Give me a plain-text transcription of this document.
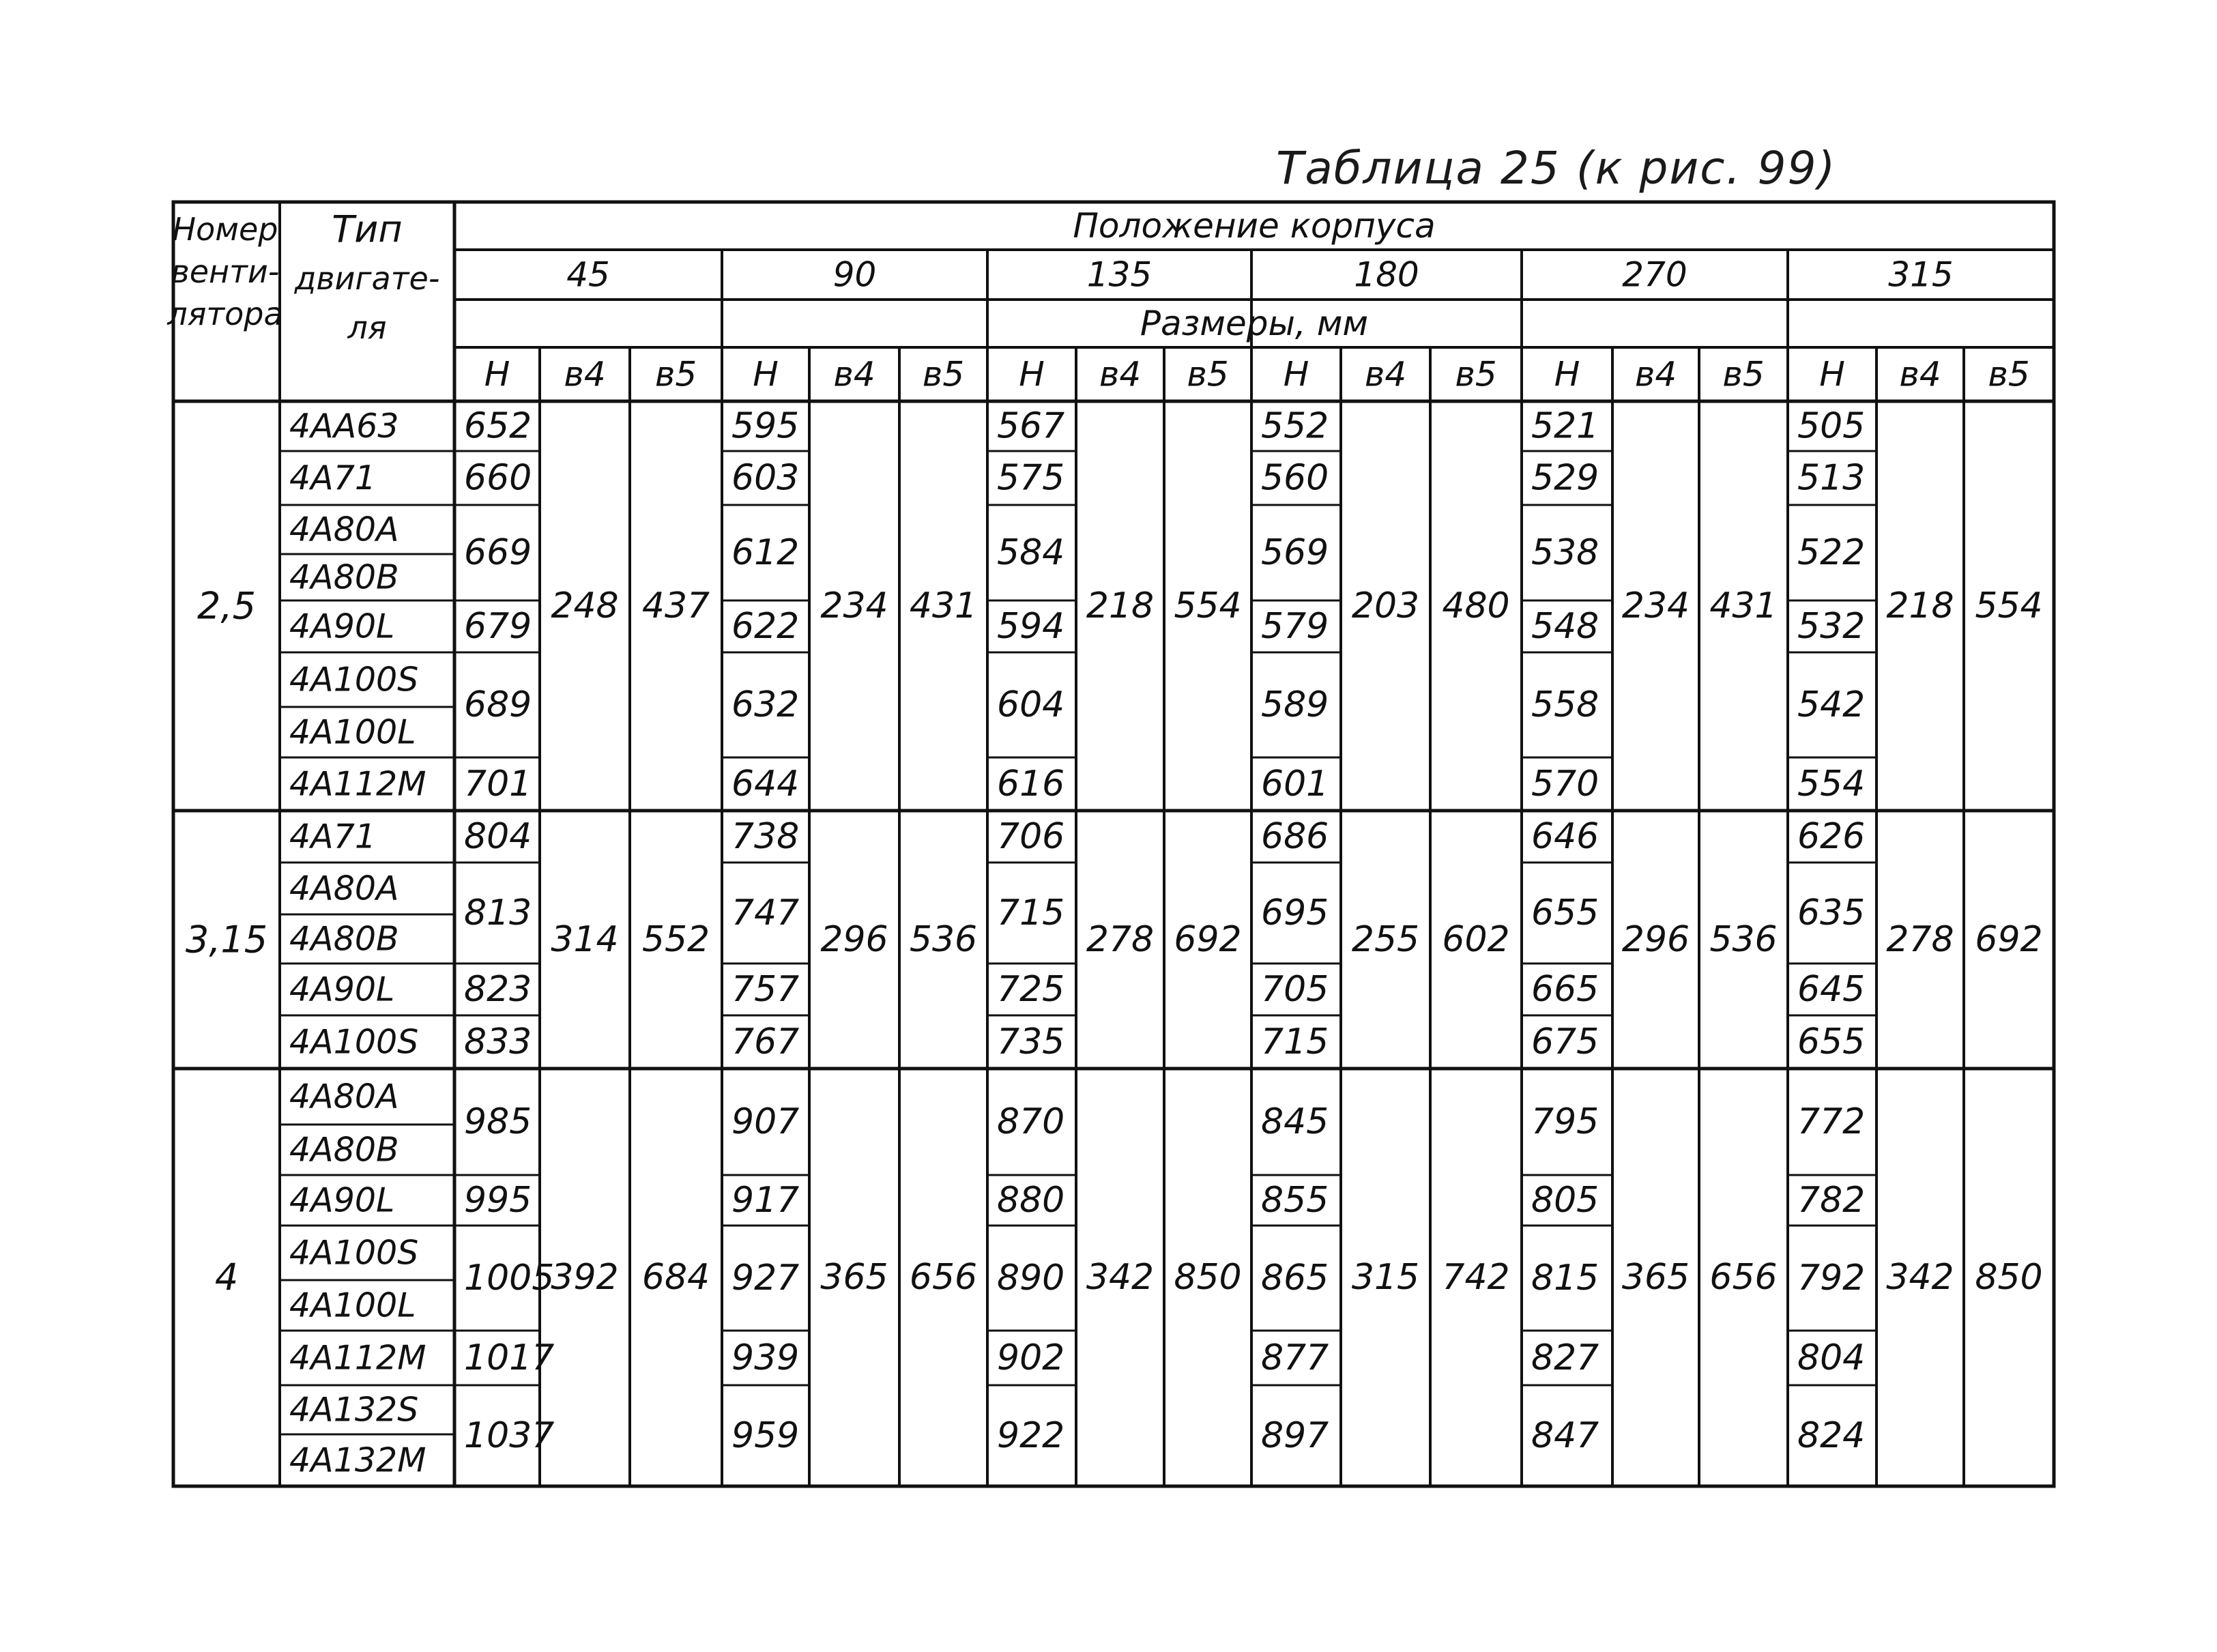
Таблица 25 (к рис. 99)
Номер
венти-
лятора
Тип
двигате-
ля
Положение корпуса
Размеры, мм
45
H в4 в5
90
H в4 в5
135
H в4 в5
180
H в4 в5
270
H в4 в5
315
H в4 в5
2,5
4AA63
4A71
4A80A
4A80B
4A90L
4A100S
4A100L
4A112M
652
660
669
679
689
701
248 437
595
603
612
622
632
644
234 431
567
575
584
594
604
616
218 554
552
560
569
579
589
601
203 480
521
529
538
548
558
570
234 431
505
513
522
532
542
554
218 554
3,15
4A71
4A80A
4A80B
4A90L
4A100S
804
813
823
833
314 552
738
747
757
767
296 536
706
715
725
735
278 692
686
695
705
715
255 602
646
655
665
675
296 536
626
635
645
655
278 692
4
4A80A
4A80B
4A90L
4A100S
4A100L
4A112M
4A132S
4A132M
985
995
1005
1017
1037
392 684
907
917
927
939
959
365 656
870
880
890
902
922
342 850
845
855
865
877
897
315 742
795
805
815
827
847
365 656
772
782
792
804
824
342 850
